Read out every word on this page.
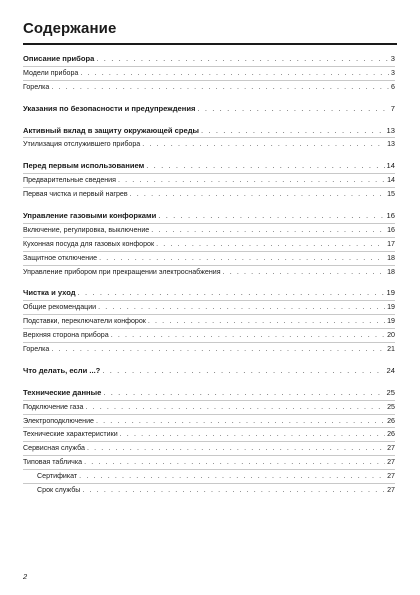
Содержание
Описание прибора . . .	3
Модели прибора . . .	3
Горелка . . .	6
Указания по безопасности и предупреждения . . .	7
Активный вклад в защиту окружающей среды . . .	13
Утилизация отслужившего прибора . . .	13
Перед первым использованием . . .	14
Предварительные сведения . . .	14
Первая чистка и первый нагрев . . .	15
Управление газовыми конфорками . . .	16
Включение, регулировка, выключение . . .	16
Кухонная посуда для газовых конфорок . . .	17
Защитное отключение . . .	18
Управление прибором при прекращении электроснабжения . . .	18
Чистка и уход . . .	19
Общие рекомендации . . .	19
Подставки, переключатели конфорок . . .	19
Верхняя сторона прибора . . .	20
Горелка . . .	21
Что делать, если ...? . . .	24
Технические данные . . .	25
Подключение газа . . .	25
Электроподключение . . .	26
Технические характеристики . . .	26
Сервисная служба . . .	27
Типовая табличка . . .	27
Сертификат . . .	27
Срок службы . . .	27
2
